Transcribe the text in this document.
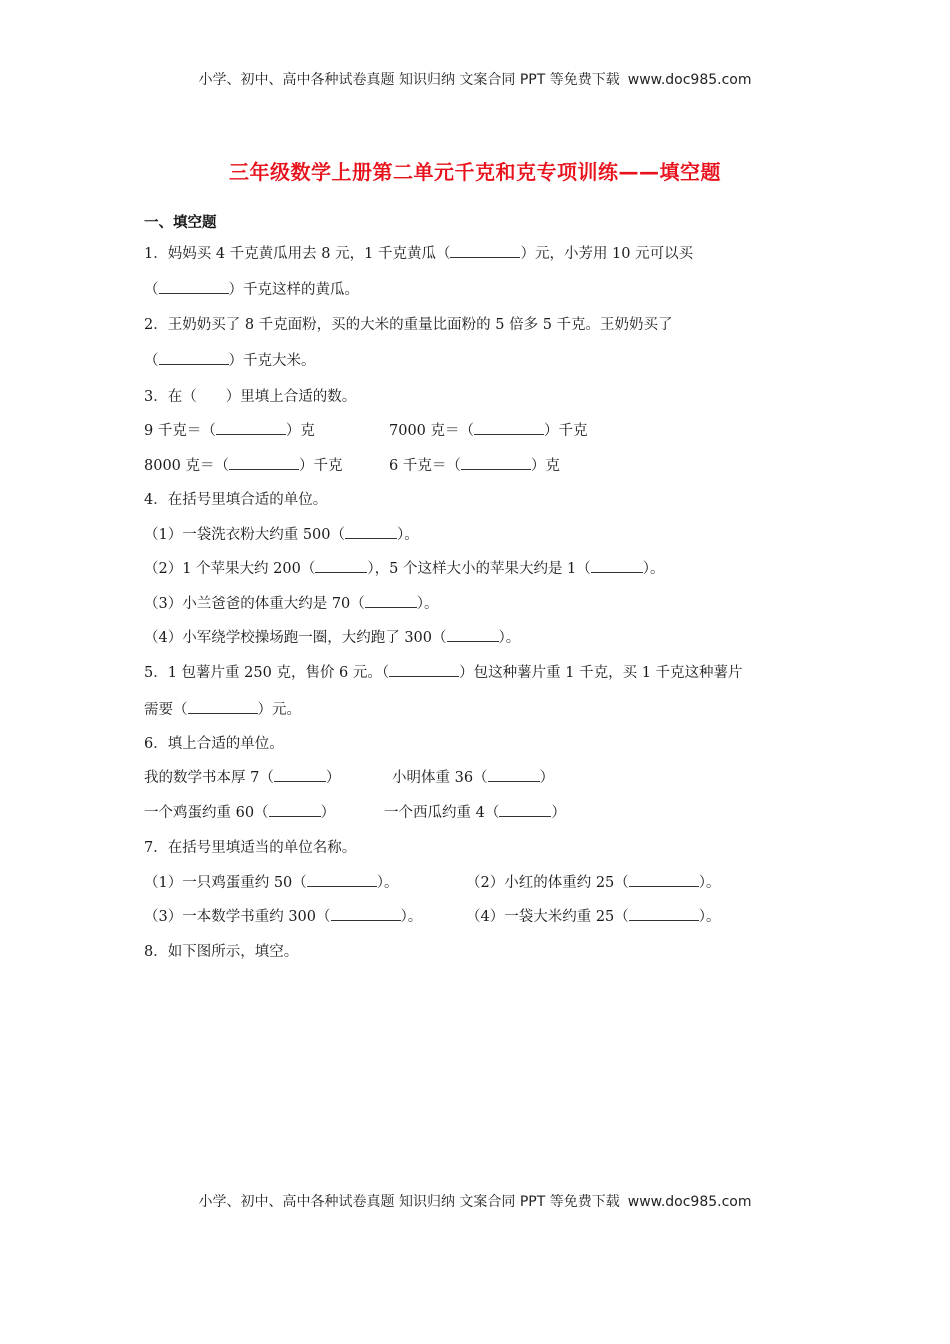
小学、初中、高中各种试卷真题 知识归纳 文案合同 PPT 等免费下载 www.doc985.com
三年级数学上册第二单元千克和克专项训练——填空题
一、填空题
1．妈妈买 4 千克黄瓜用去 8 元，1 千克黄瓜（	）元，小芳用 10 元可以买
（	）千克这样的黄瓜。
2．王奶奶买了 8 千克面粉，买的大米的重量比面粉的 5 倍多 5 千克。王奶奶买了
（	）千克大米。
3．在（　　）里填上合适的数。
9 千克＝（	）克	7000 克＝（	）千克
8000 克＝（	）千克	6 千克＝（	）克
4．在括号里填合适的单位。
（1）一袋洗衣粉大约重 500（	）。
（2）1 个苹果大约 200（	），5 个这样大小的苹果大约是 1（	）。
（3）小兰爸爸的体重大约是 70（	）。
（4）小军绕学校操场跑一圈，大约跑了 300（	）。
5．1 包薯片重 250 克，售价 6 元。（	）包这种薯片重 1 千克，买 1 千克这种薯片
需要（	）元。
6．填上合适的单位。
我的数学书本厚 7（	）	小明体重 36（	）
一个鸡蛋约重 60（	）	一个西瓜约重 4（	）
7．在括号里填适当的单位名称。
（1）一只鸡蛋重约 50（	）。	（2）小红的体重约 25（	）。
（3）一本数学书重约 300（	）。	（4）一袋大米约重 25（	）。
8．如下图所示，填空。
小学、初中、高中各种试卷真题 知识归纳 文案合同 PPT 等免费下载 www.doc985.com
